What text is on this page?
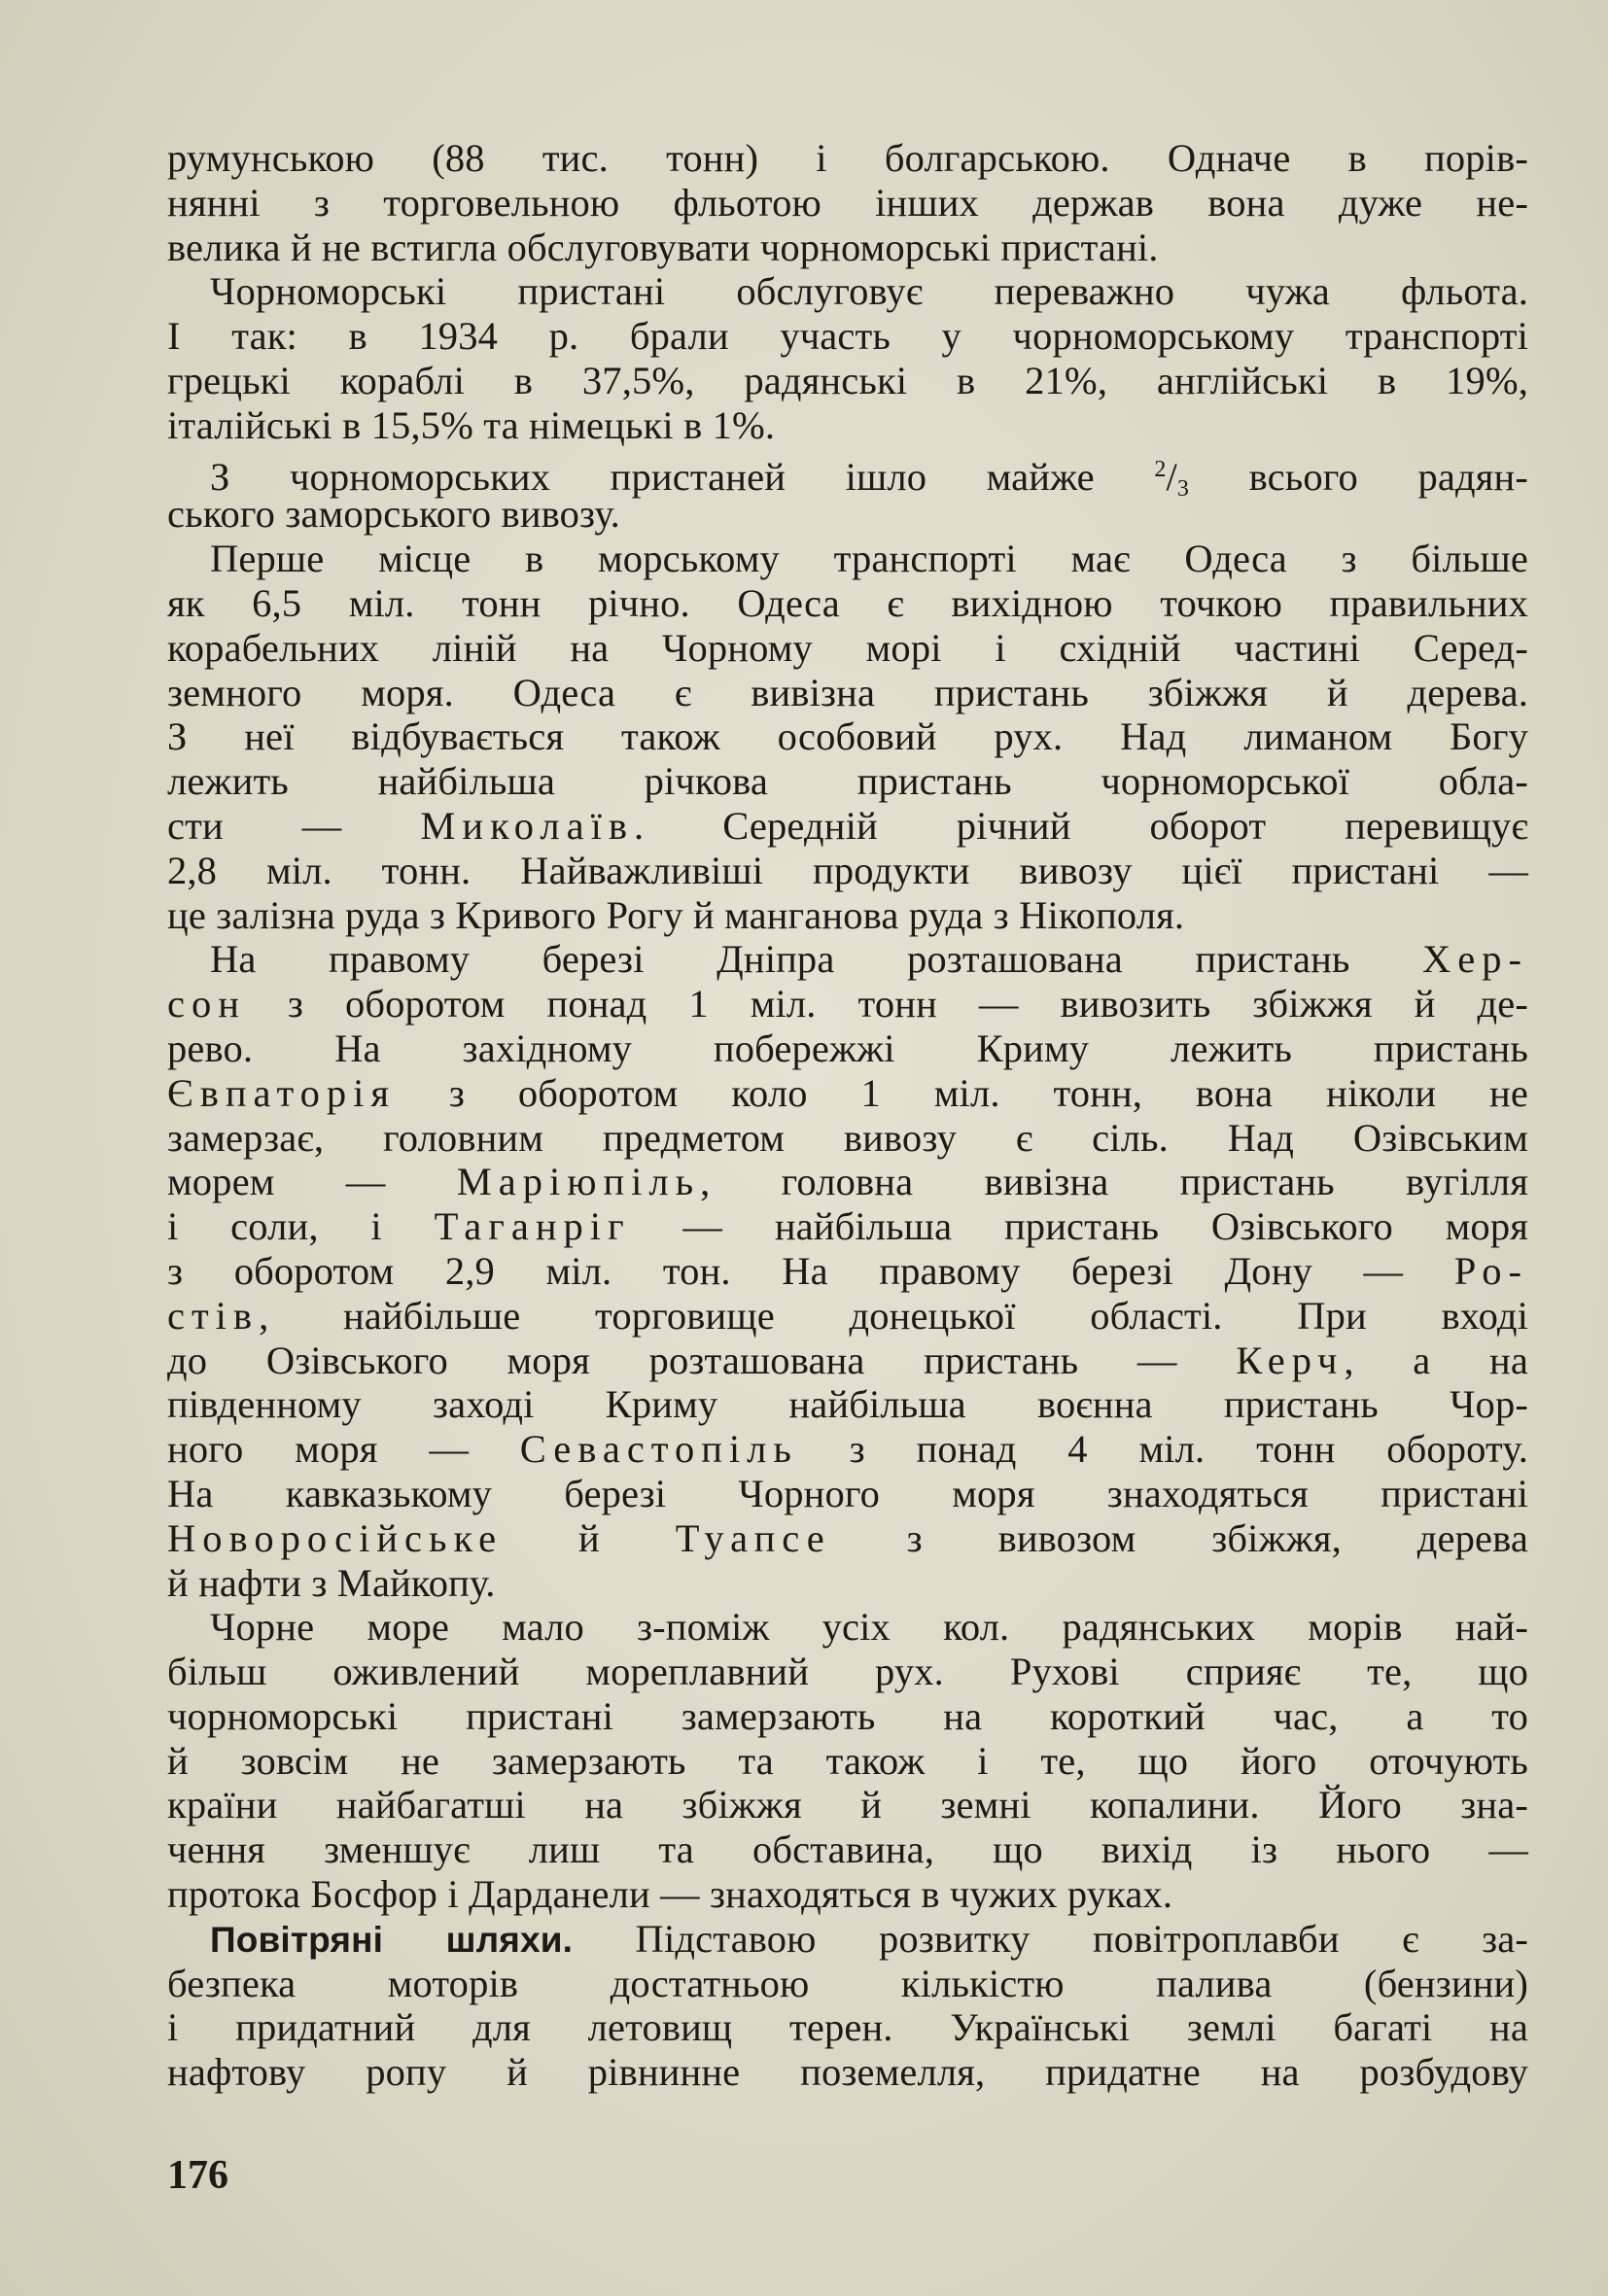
румунською (88 тис. тонн) і болгарською. Одначе в порів-
нянні з торговельною фльотою інших держав вона дуже не-
велика й не встигла обслуговувати чорноморські пристані.
Чорноморські пристані обслуговує переважно чужа фльота.
І так: в 1934 р. брали участь у чорноморському транспорті
грецькі кораблі в 37,5%, радянські в 21%, англійські в 19%,
італійські в 15,5% та німецькі в 1%.
З чорноморських пристаней ішло майже	$^2/_3$ всього радян-
ського заморського вивозу.
Перше місце в морському транспорті має Одеса з більше
як 6,5 міл. тонн річно. Одеса є вихідною точкою правильних
корабельних ліній на Чорному морі і східній частині Серед-
земного моря. Одеса є вивізна пристань збіжжя й дерева.
З неї відбувається також особовий рух. Над лиманом Богу
лежить найбільша річкова пристань чорноморської обла-
сти — Миколаїв. Середній річний оборот перевищує
2,8 міл. тонн. Найважливіші продукти вивозу цієї пристані —
це залізна руда з Кривого Рогу й манганова руда з Нікополя.
На правому березі Дніпра розташована пристань Хер-
сон з оборотом понад 1 міл. тонн — вивозить збіжжя й де-
рево. На західному побережжі Криму лежить пристань
Євпаторія з оборотом коло 1 міл. тонн, вона ніколи не
замерзає, головним предметом вивозу є сіль. Над Озівським
морем — Маріюпіль, головна вивізна пристань вугілля
і соли, і Таганріг — найбільша пристань Озівського моря
з оборотом 2,9 міл. тон. На правому березі Дону — Ро-
стів, найбільше торговище донецької області. При вході
до Озівського моря розташована пристань — Керч, а на
південному заході Криму найбільша воєнна пристань Чор-
ного моря — Севастопіль з понад 4 міл. тонн обороту.
На кавказькому березі Чорного моря знаходяться пристані
Новоросійське й Туапсе з вивозом збіжжя, дерева
й нафти з Майкопу.
Чорне море мало з-поміж усіх кол. радянських морів най-
більш оживлений мореплавний рух. Рухові сприяє те, що
чорноморські пристані замерзають на короткий час, а то
й зовсім не замерзають та також і те, що його оточують
країни найбагатші на збіжжя й земні копалини. Його зна-
чення зменшує лиш та обставина, що вихід із нього —
протока Босфор і Дарданели — знаходяться в чужих руках.
Повітряні шляхи. Підставою розвитку повітроплавби є за-
безпека моторів достатньою кількістю палива (бензини)
і придатний для летовищ терен. Українські землі багаті на
нафтову ропу й рівнинне поземелля, придатне на розбудову
176
